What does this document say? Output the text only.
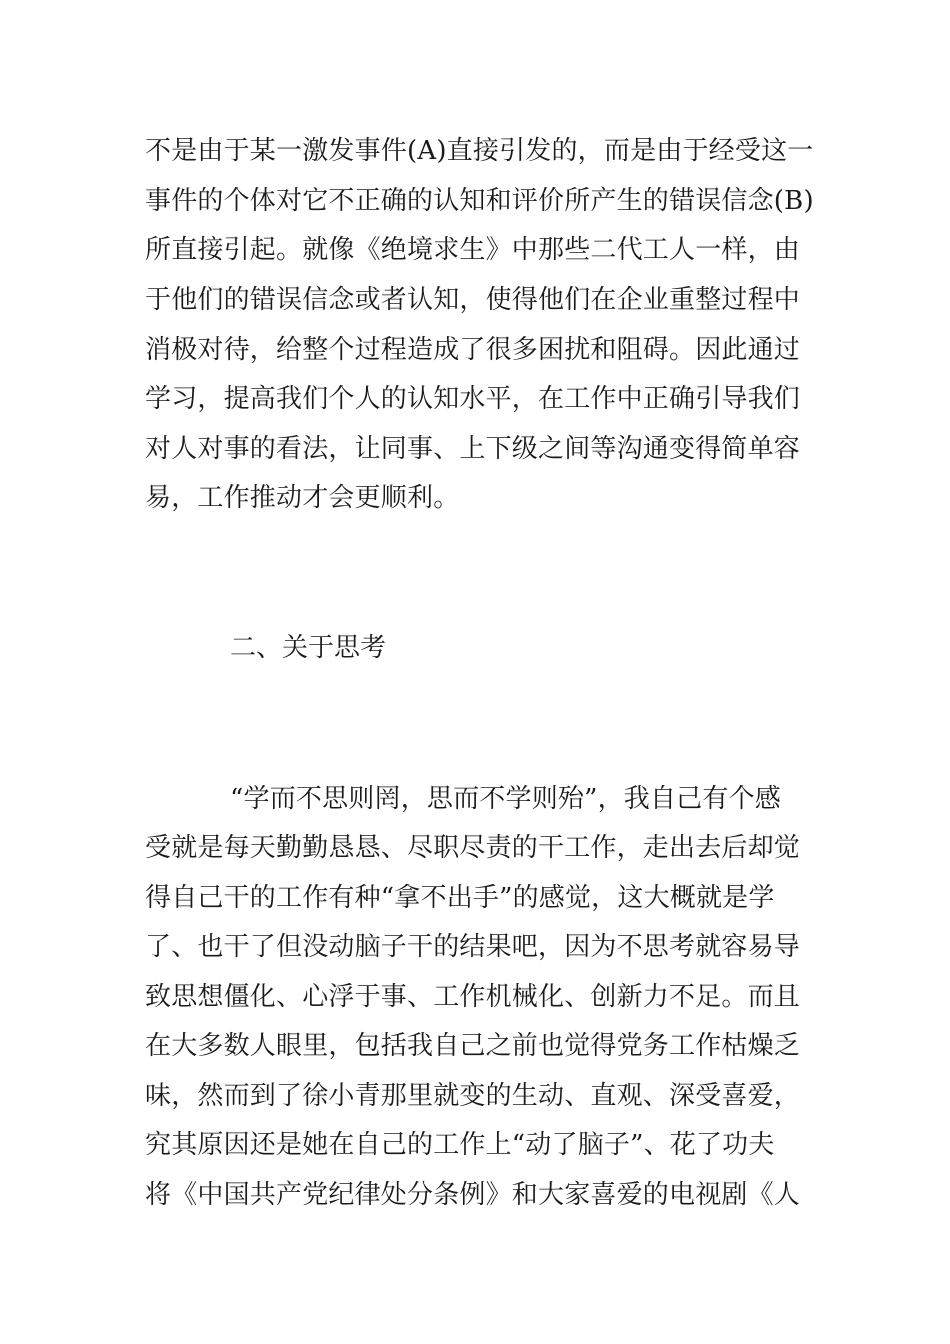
不是由于某一激发事件(A)直接引发的，而是由于经受这一
事件的个体对它不正确的认知和评价所产生的错误信念(B)
所直接引起。就像《绝境求生》中那些二代工人一样，由
于他们的错误信念或者认知，使得他们在企业重整过程中
消极对待，给整个过程造成了很多困扰和阻碍。因此通过
学习，提高我们个人的认知水平，在工作中正确引导我们
对人对事的看法，让同事、上下级之间等沟通变得简单容
易，工作推动才会更顺利。
二、关于思考
“学而不思则罔，思而不学则殆”，我自己有个感
受就是每天勤勤恳恳、尽职尽责的干工作，走出去后却觉
得自己干的工作有种“拿不出手”的感觉，这大概就是学
了、也干了但没动脑子干的结果吧，因为不思考就容易导
致思想僵化、心浮于事、工作机械化、创新力不足。而且
在大多数人眼里，包括我自己之前也觉得党务工作枯燥乏
味，然而到了徐小青那里就变的生动、直观、深受喜爱，
究其原因还是她在自己的工作上“动了脑子”、花了功夫
将《中国共产党纪律处分条例》和大家喜爱的电视剧《人
